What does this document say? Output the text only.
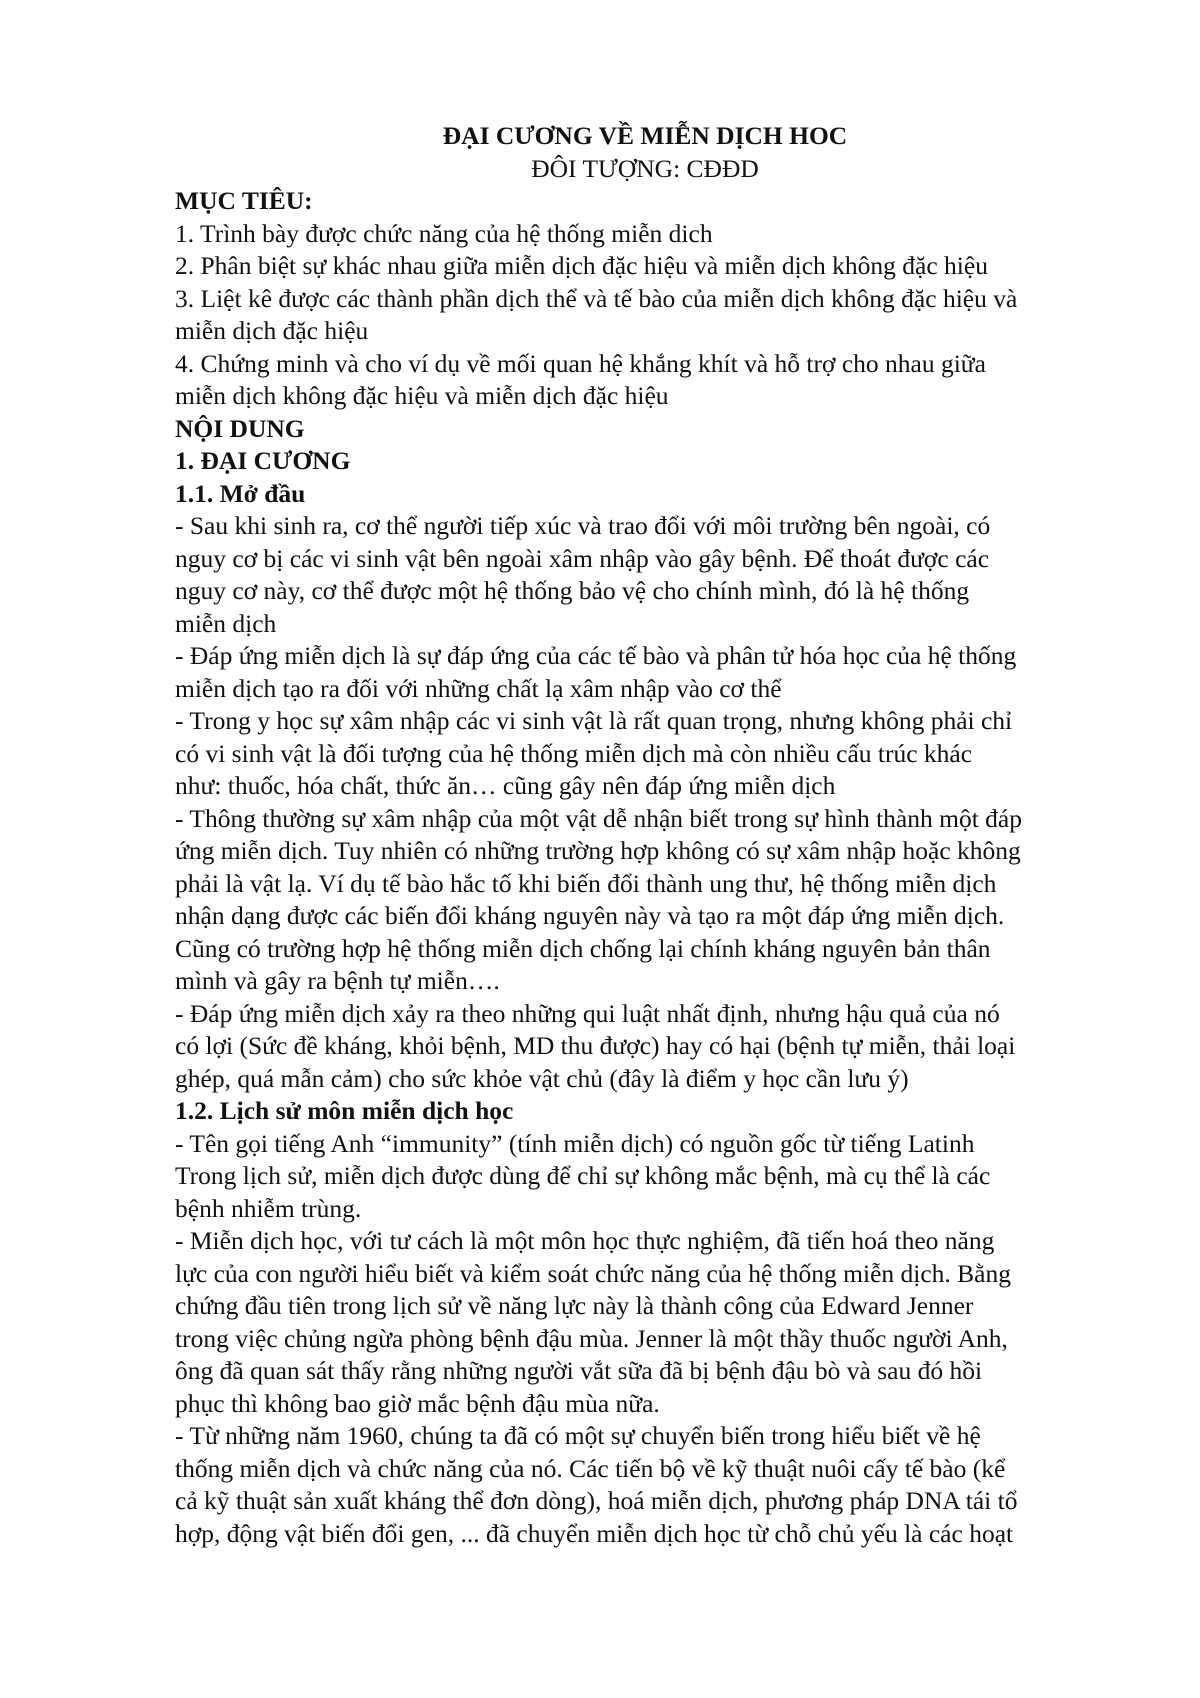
ĐẠI CƯƠNG VỀ MIỄN DỊCH HOC
ĐÔI TƯỢNG: CĐĐD
MỤC TIÊU:
1. Trình bày được chức năng của hệ thống miễn dich
2. Phân biệt sự khác nhau giữa miễn dịch đặc hiệu và miễn dịch không đặc hiệu
3. Liệt kê được các thành phần dịch thể và tế bào của miễn dịch không đặc hiệu và
miễn dịch đặc hiệu
4. Chứng minh và cho ví dụ về mối quan hệ khắng khít và hỗ trợ cho nhau giữa
miễn dịch không đặc hiệu và miễn dịch đặc hiệu
NỘI DUNG
1. ĐẠI CƯƠNG
1.1. Mở đầu
- Sau khi sinh ra, cơ thể người tiếp xúc và trao đổi với môi trường bên ngoài, có
nguy cơ bị các vi sinh vật bên ngoài xâm nhập vào gây bệnh. Để thoát được các
nguy cơ này, cơ thể được một hệ thống bảo vệ cho chính mình, đó là hệ thống
miễn dịch
- Đáp ứng miễn dịch là sự đáp ứng của các tế bào và phân tử hóa học của hệ thống
miễn dịch tạo ra đối với những chất lạ xâm nhập vào cơ thể
- Trong y học sự xâm nhập các vi sinh vật là rất quan trọng, nhưng không phải chỉ
có vi sinh vật là đối tượng của hệ thống miễn dịch mà còn nhiều cấu trúc khác
như: thuốc, hóa chất, thức ăn… cũng gây nên đáp ứng miễn dịch
- Thông thường sự xâm nhập của một vật dễ nhận biết trong sự hình thành một đáp
ứng miễn dịch. Tuy nhiên có những trường hợp không có sự xâm nhập hoặc không
phải là vật lạ. Ví dụ tế bào hắc tố khi biến đổi thành ung thư, hệ thống miễn dịch
nhận dạng được các biến đổi kháng nguyên này và tạo ra một đáp ứng miễn dịch.
Cũng có trường hợp hệ thống miễn dịch chống lại chính kháng nguyên bản thân
mình và gây ra bệnh tự miễn….
- Đáp ứng miễn dịch xảy ra theo những qui luật nhất định, nhưng hậu quả của nó
có lợi (Sức đề kháng, khỏi bệnh, MD thu được) hay có hại (bệnh tự miễn, thải loại
ghép, quá mẫn cảm) cho sức khỏe vật chủ (đây là điểm y học cần lưu ý)
1.2. Lịch sử môn miễn dịch học
- Tên gọi tiếng Anh “immunity” (tính miễn dịch) có nguồn gốc từ tiếng Latinh
Trong lịch sử, miễn dịch được dùng để chỉ sự không mắc bệnh, mà cụ thể là các
bệnh nhiễm trùng.
- Miễn dịch học, với tư cách là một môn học thực nghiệm, đã tiến hoá theo năng
lực của con người hiểu biết và kiểm soát chức năng của hệ thống miễn dịch. Bằng
chứng đầu tiên trong lịch sử về năng lực này là thành công của Edward Jenner
trong việc chủng ngừa phòng bệnh đậu mùa. Jenner là một thầy thuốc người Anh,
ông đã quan sát thấy rằng những người vắt sữa đã bị bệnh đậu bò và sau đó hồi
phục thì không bao giờ mắc bệnh đậu mùa nữa.
- Từ những năm 1960, chúng ta đã có một sự chuyển biến trong hiểu biết về hệ
thống miễn dịch và chức năng của nó. Các tiến bộ về kỹ thuật nuôi cấy tế bào (kể
cả kỹ thuật sản xuất kháng thể đơn dòng), hoá miễn dịch, phương pháp DNA tái tổ
hợp, động vật biến đổi gen, ... đã chuyển miễn dịch học từ chỗ chủ yếu là các hoạt
